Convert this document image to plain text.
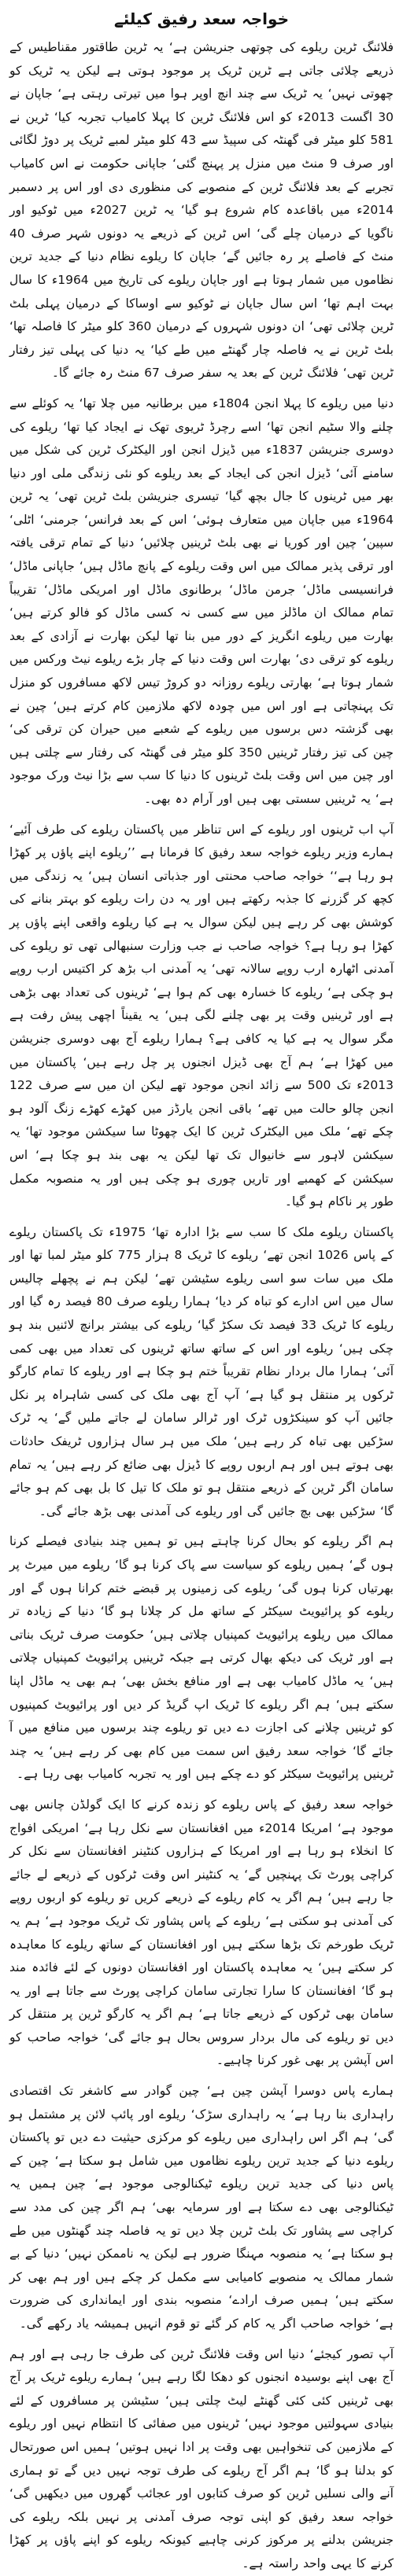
خواجہ سعد رفیق کیلئے

فلائنگ ٹرین ریلوے کی چوتھی جنریشن ہے‘ یہ ٹرین طاقتور مقناطیس کے ذریعے چلائی جاتی ہے ٹرین ٹریک پر موجود ہوتی ہے لیکن یہ ٹریک کو چھوتی نہیں‘ یہ ٹریک سے چند انچ اوپر ہوا میں تیرتی رہتی ہے‘ جاپان نے 30 اگست 2013ء کو اس فلائنگ ٹرین کا پہلا کامیاب تجربہ کیا‘ ٹرین نے 581 کلو میٹر فی گھنٹہ کی سپیڈ سے 43 کلو میٹر لمبے ٹریک پر دوڑ لگائی اور صرف 9 منٹ میں منزل پر پہنچ گئی‘ جاپانی حکومت نے اس کامیاب تجربے کے بعد فلائنگ ٹرین کے منصوبے کی منظوری دی اور اس پر دسمبر 2014ء میں باقاعدہ کام شروع ہو گیا‘ یہ ٹرین 2027ء میں ٹوکیو اور ناگویا کے درمیان چلے گی‘ اس ٹرین کے ذریعے یہ دونوں شہر صرف 40 منٹ کے فاصلے پر رہ جائیں گے‘ جاپان کا ریلوے نظام دنیا کے جدید ترین نظاموں میں شمار ہوتا ہے اور جاپان ریلوے کی تاریخ میں 1964ء کا سال بہت اہم تھا‘ اس سال جاپان نے ٹوکیو سے اوساکا کے درمیان پہلی بلٹ ٹرین چلائی تھی‘ ان دونوں شہروں کے درمیان 360 کلو میٹر کا فاصلہ تھا‘ بلٹ ٹرین نے یہ فاصلہ چار گھنٹے میں طے کیا‘ یہ دنیا کی پہلی تیز رفتار ٹرین تھی‘ فلائنگ ٹرین کے بعد یہ سفر صرف 67 منٹ رہ جائے گا۔

دنیا میں ریلوے کا پہلا انجن 1804ء میں برطانیہ میں چلا تھا‘ یہ کوئلے سے چلنے والا سٹیم انجن تھا‘ اسے رچرڈ ٹریوی تھک نے ایجاد کیا تھا‘ ریلوے کی دوسری جنریشن 1837ء میں ڈیزل انجن اور الیکٹرک ٹرین کی شکل میں سامنے آئی‘ ڈیزل انجن کی ایجاد کے بعد ریلوے کو نئی زندگی ملی اور دنیا بھر میں ٹرینوں کا جال بچھ گیا‘ تیسری جنریشن بلٹ ٹرین تھی‘ یہ ٹرین 1964ء میں جاپان میں متعارف ہوئی‘ اس کے بعد فرانس‘ جرمنی‘ اٹلی‘ سپین‘ چین اور کوریا نے بھی بلٹ ٹرینیں چلائیں‘ دنیا کے تمام ترقی یافتہ اور ترقی پذیر ممالک میں اس وقت ریلوے کے پانچ ماڈل ہیں‘ جاپانی ماڈل‘ فرانسیسی ماڈل‘ جرمن ماڈل‘ برطانوی ماڈل اور امریکی ماڈل‘ تقریباً تمام ممالک ان ماڈلز میں سے کسی نہ کسی ماڈل کو فالو کرتے ہیں‘ بھارت میں ریلوے انگریز کے دور میں بنا تھا لیکن بھارت نے آزادی کے بعد ریلوے کو ترقی دی‘ بھارت اس وقت دنیا کے چار بڑے ریلوے نیٹ ورکس میں شمار ہوتا ہے‘ بھارتی ریلوے روزانہ دو کروڑ تیس لاکھ مسافروں کو منزل تک پہنچاتی ہے اور اس میں چودہ لاکھ ملازمین کام کرتے ہیں‘ چین نے بھی گزشتہ دس برسوں میں ریلوے کے شعبے میں حیران کن ترقی کی‘ چین کی تیز رفتار ٹرینیں 350 کلو میٹر فی گھنٹہ کی رفتار سے چلتی ہیں اور چین میں اس وقت بلٹ ٹرینوں کا دنیا کا سب سے بڑا نیٹ ورک موجود ہے‘ یہ ٹرینیں سستی بھی ہیں اور آرام دہ بھی۔

آپ اب ٹرینوں اور ریلوے کے اس تناظر میں پاکستان ریلوے کی طرف آئیے‘ ہمارے وزیر ریلوے خواجہ سعد رفیق کا فرمانا ہے ’’ریلوے اپنے پاؤں پر کھڑا ہو رہا ہے‘‘ خواجہ صاحب محنتی اور جذباتی انسان ہیں‘ یہ زندگی میں کچھ کر گزرنے کا جذبہ رکھتے ہیں اور یہ دن رات ریلوے کو بہتر بنانے کی کوشش بھی کر رہے ہیں لیکن سوال یہ ہے کیا ریلوے واقعی اپنے پاؤں پر کھڑا ہو رہا ہے؟ خواجہ صاحب نے جب وزارت سنبھالی تھی تو ریلوے کی آمدنی اٹھارہ ارب روپے سالانہ تھی‘ یہ آمدنی اب بڑھ کر اکتیس ارب روپے ہو چکی ہے‘ ریلوے کا خسارہ بھی کم ہوا ہے‘ ٹرینوں کی تعداد بھی بڑھی ہے اور ٹرینیں وقت پر بھی چلنے لگی ہیں‘ یہ یقیناً اچھی پیش رفت ہے مگر سوال یہ ہے کیا یہ کافی ہے؟ ہمارا ریلوے آج بھی دوسری جنریشن میں کھڑا ہے‘ ہم آج بھی ڈیزل انجنوں پر چل رہے ہیں‘ پاکستان میں 2013ء تک 500 سے زائد انجن موجود تھے لیکن ان میں سے صرف 122 انجن چالو حالت میں تھے‘ باقی انجن یارڈز میں کھڑے کھڑے زنگ آلود ہو چکے تھے‘ ملک میں الیکٹرک ٹرین کا ایک چھوٹا سا سیکشن موجود تھا‘ یہ سیکشن لاہور سے خانیوال تک تھا لیکن یہ بھی بند ہو چکا ہے‘ اس سیکشن کے کھمبے اور تاریں چوری ہو چکی ہیں اور یہ منصوبہ مکمل طور پر ناکام ہو گیا۔

پاکستان ریلوے ملک کا سب سے بڑا ادارہ تھا‘ 1975ء تک پاکستان ریلوے کے پاس 1026 انجن تھے‘ ریلوے کا ٹریک 8 ہزار 775 کلو میٹر لمبا تھا اور ملک میں سات سو اسی ریلوے سٹیشن تھے‘ لیکن ہم نے پچھلے چالیس سال میں اس ادارے کو تباہ کر دیا‘ ہمارا ریلوے صرف 80 فیصد رہ گیا اور ریلوے کا ٹریک 33 فیصد تک سکڑ گیا‘ ریلوے کی بیشتر برانچ لائنیں بند ہو چکی ہیں‘ ریلوے اور اس کے ساتھ ساتھ ٹرینوں کی تعداد میں بھی کمی آئی‘ ہمارا مال بردار نظام تقریباً ختم ہو چکا ہے اور ریلوے کا تمام کارگو ٹرکوں پر منتقل ہو گیا ہے‘ آپ آج بھی ملک کی کسی شاہراہ پر نکل جائیں آپ کو سینکڑوں ٹرک اور ٹرالر سامان لے جاتے ملیں گے‘ یہ ٹرک سڑکیں بھی تباہ کر رہے ہیں‘ ملک میں ہر سال ہزاروں ٹریفک حادثات بھی ہوتے ہیں اور ہم اربوں روپے کا ڈیزل بھی ضائع کر رہے ہیں‘ یہ تمام سامان اگر ٹرین کے ذریعے منتقل ہو تو ملک کا تیل کا بل بھی کم ہو جائے گا‘ سڑکیں بھی بچ جائیں گی اور ریلوے کی آمدنی بھی بڑھ جائے گی۔

ہم اگر ریلوے کو بحال کرنا چاہتے ہیں تو ہمیں چند بنیادی فیصلے کرنا ہوں گے‘ ہمیں ریلوے کو سیاست سے پاک کرنا ہو گا‘ ریلوے میں میرٹ پر بھرتیاں کرنا ہوں گی‘ ریلوے کی زمینوں پر قبضے ختم کرانا ہوں گے اور ریلوے کو پرائیویٹ سیکٹر کے ساتھ مل کر چلانا ہو گا‘ دنیا کے زیادہ تر ممالک میں ریلوے پرائیویٹ کمپنیاں چلاتی ہیں‘ حکومت صرف ٹریک بناتی ہے اور ٹریک کی دیکھ بھال کرتی ہے جبکہ ٹرینیں پرائیویٹ کمپنیاں چلاتی ہیں‘ یہ ماڈل کامیاب بھی ہے اور منافع بخش بھی‘ ہم بھی یہ ماڈل اپنا سکتے ہیں‘ ہم اگر ریلوے کا ٹریک اپ گریڈ کر دیں اور پرائیویٹ کمپنیوں کو ٹرینیں چلانے کی اجازت دے دیں تو ریلوے چند برسوں میں منافع میں آ جائے گا‘ خواجہ سعد رفیق اس سمت میں کام بھی کر رہے ہیں‘ یہ چند ٹرینیں پرائیویٹ سیکٹر کو دے چکے ہیں اور یہ تجربہ کامیاب بھی رہا ہے۔

خواجہ سعد رفیق کے پاس ریلوے کو زندہ کرنے کا ایک گولڈن چانس بھی موجود ہے‘ امریکا 2014ء میں افغانستان سے نکل رہا ہے‘ امریکی افواج کا انخلاء ہو رہا ہے اور امریکا کے ہزاروں کنٹینر افغانستان سے نکل کر کراچی پورٹ تک پہنچیں گے‘ یہ کنٹینر اس وقت ٹرکوں کے ذریعے لے جائے جا رہے ہیں‘ ہم اگر یہ کام ریلوے کے ذریعے کریں تو ریلوے کو اربوں روپے کی آمدنی ہو سکتی ہے‘ ریلوے کے پاس پشاور تک ٹریک موجود ہے‘ ہم یہ ٹریک طورخم تک بڑھا سکتے ہیں اور افغانستان کے ساتھ ریلوے کا معاہدہ کر سکتے ہیں‘ یہ معاہدہ پاکستان اور افغانستان دونوں کے لئے فائدہ مند ہو گا‘ افغانستان کا سارا تجارتی سامان کراچی پورٹ سے جاتا ہے اور یہ سامان بھی ٹرکوں کے ذریعے جاتا ہے‘ ہم اگر یہ کارگو ٹرین پر منتقل کر دیں تو ریلوے کی مال بردار سروس بحال ہو جائے گی‘ خواجہ صاحب کو اس آپشن پر بھی غور کرنا چاہیے۔

ہمارے پاس دوسرا آپشن چین ہے‘ چین گوادر سے کاشغر تک اقتصادی راہداری بنا رہا ہے‘ یہ راہداری سڑک‘ ریلوے اور پائپ لائن پر مشتمل ہو گی‘ ہم اگر اس راہداری میں ریلوے کو مرکزی حیثیت دے دیں تو پاکستان ریلوے دنیا کے جدید ترین ریلوے نظاموں میں شامل ہو سکتا ہے‘ چین کے پاس دنیا کی جدید ترین ریلوے ٹیکنالوجی موجود ہے‘ چین ہمیں یہ ٹیکنالوجی بھی دے سکتا ہے اور سرمایہ بھی‘ ہم اگر چین کی مدد سے کراچی سے پشاور تک بلٹ ٹرین چلا دیں تو یہ فاصلہ چند گھنٹوں میں طے ہو سکتا ہے‘ یہ منصوبہ مہنگا ضرور ہے لیکن یہ ناممکن نہیں‘ دنیا کے بے شمار ممالک یہ منصوبے کامیابی سے مکمل کر چکے ہیں اور ہم بھی کر سکتے ہیں‘ ہمیں صرف ارادے‘ منصوبہ بندی اور ایمانداری کی ضرورت ہے‘ خواجہ صاحب اگر یہ کام کر گئے تو قوم انہیں ہمیشہ یاد رکھے گی۔

آپ تصور کیجئے‘ دنیا اس وقت فلائنگ ٹرین کی طرف جا رہی ہے اور ہم آج بھی اپنے بوسیدہ انجنوں کو دھکا لگا رہے ہیں‘ ہمارے ریلوے ٹریک پر آج بھی ٹرینیں کئی کئی گھنٹے لیٹ چلتی ہیں‘ سٹیشن پر مسافروں کے لئے بنیادی سہولتیں موجود نہیں‘ ٹرینوں میں صفائی کا انتظام نہیں اور ریلوے کے ملازمین کی تنخواہیں بھی وقت پر ادا نہیں ہوتیں‘ ہمیں اس صورتحال کو بدلنا ہو گا‘ ہم اگر آج ریلوے کی طرف توجہ نہیں دیں گے تو ہماری آنے والی نسلیں ٹرین کو صرف کتابوں اور عجائب گھروں میں دیکھیں گی‘ خواجہ سعد رفیق کو اپنی توجہ صرف آمدنی پر نہیں بلکہ ریلوے کی جنریشن بدلنے پر مرکوز کرنی چاہیے کیونکہ ریلوے کو اپنے پاؤں پر کھڑا کرنے کا یہی واحد راستہ ہے۔
